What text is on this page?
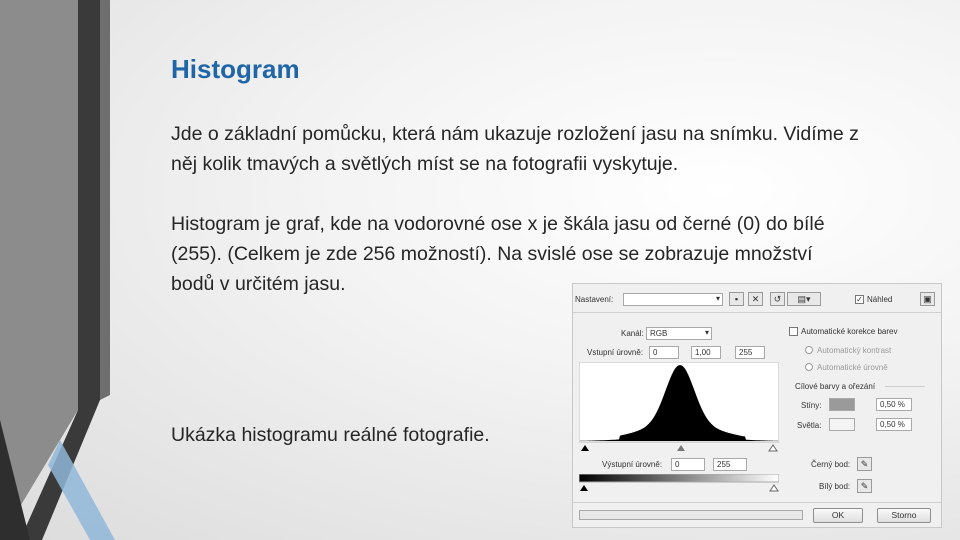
Histogram

Jde o základní pomůcku, která nám ukazuje rozložení jasu na snímku. Vidíme z něj kolik tmavých a světlých míst se na fotografii vyskytuje.

Histogram je graf, kde na vodorovné ose x je škála jasu od černé (0) do bílé (255). (Celkem je zde 256 možností). Na svislé ose se zobrazuje množství bodů v určitém jasu.

Ukázka histogramu reálné fotografie.

Nastavení:	▾	▪	✕	↺	▤▾	✓ Náhled	▣
Kanál: RGB	▾
Vstupní úrovně:	0	1,00	255
Výstupní úrovně:	0	255
Automatické korekce barev
Automatický kontrast
Automatické úrovně
Cílové barvy a ořezání
Stíny:	0,50 %
Světla:	0,50 %
Černý bod:	✎
Bílý bod:	✎
OK	Storno
